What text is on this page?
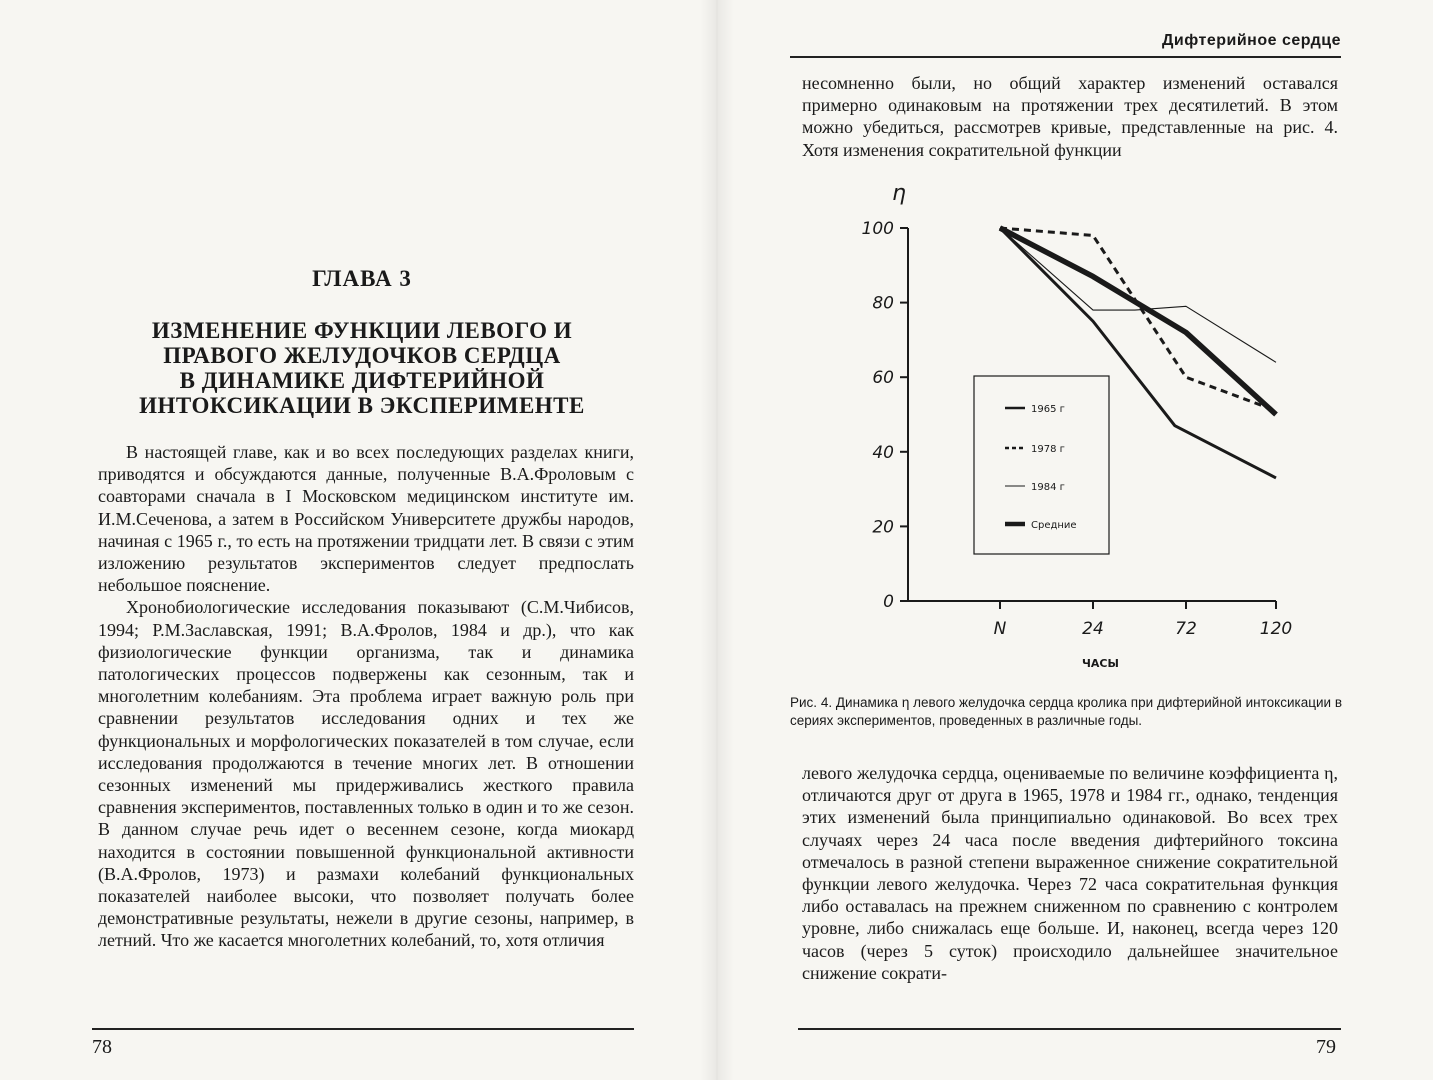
ГЛАВА 3
ИЗМЕНЕНИЕ ФУНКЦИИ ЛЕВОГО И
ПРАВОГО ЖЕЛУДОЧКОВ СЕРДЦА
В ДИНАМИКЕ ДИФТЕРИЙНОЙ
ИНТОКСИКАЦИИ В ЭКСПЕРИМЕНТЕ

В настоящей главе, как и во всех последующих разделах книги, приводятся и обсуждаются данные, полученные В.А.Фроловым с соавторами сначала в I Московском медицинском институте им. И.М.Сеченова, а затем в Российском Университете дружбы народов, начиная с 1965 г., то есть на протяжении тридцати лет. В связи с этим изложению результатов экспериментов следует предпослать небольшое пояснение.

Хронобиологические исследования показывают (С.М.Чибисов, 1994; Р.М.Заславская, 1991; В.А.Фролов, 1984 и др.), что как физиологические функции организма, так и динамика патологических процессов подвержены как сезонным, так и многолетним колебаниям. Эта проблема играет важную роль при сравнении результатов исследования одних и тех же функциональных и морфологических показателей в том случае, если исследования продолжаются в течение многих лет. В отношении сезонных изменений мы придерживались жесткого правила сравнения экспериментов, поставленных только в один и то же сезон. В данном случае речь идет о весеннем сезоне, когда миокард находится в состоянии повышенной функциональной активности (В.А.Фролов, 1973) и размахи колебаний функциональных показателей наиболее высоки, что позволяет получать более демонстративные результаты, нежели в другие сезоны, например, в летний. Что же касается многолетних колебаний, то, хотя отличия

78
Дифтерийное сердце

несомненно были, но общий характер изменений оставался примерно одинаковым на протяжении трех десятилетий. В этом можно убедиться, рассмотрев кривые, представленные на рис. 4. Хотя изменения сократительной функции

η
0
20
40
60
80
100
N	24	72	120
ЧАСЫ
1965 г
1978 г
1984 г
Средние
Рис. 4. Динамика η левого желудочка сердца кролика при дифтерийной интоксикации в сериях экспериментов, проведенных в различные годы.

левого желудочка сердца, оцениваемые по величине коэффициента η, отличаются друг от друга в 1965, 1978 и 1984 гг., однако, тенденция этих изменений была принципиально одинаковой. Во всех трех случаях через 24 часа после введения дифтерийного токсина отмечалось в разной степени выраженное снижение сократительной функции левого желудочка. Через 72 часа сократительная функция либо оставалась на прежнем сниженном по сравнению с контролем уровне, либо снижалась еще больше. И, наконец, всегда через 120 часов (через 5 суток) происходило дальнейшее значительное снижение сократи-

79
